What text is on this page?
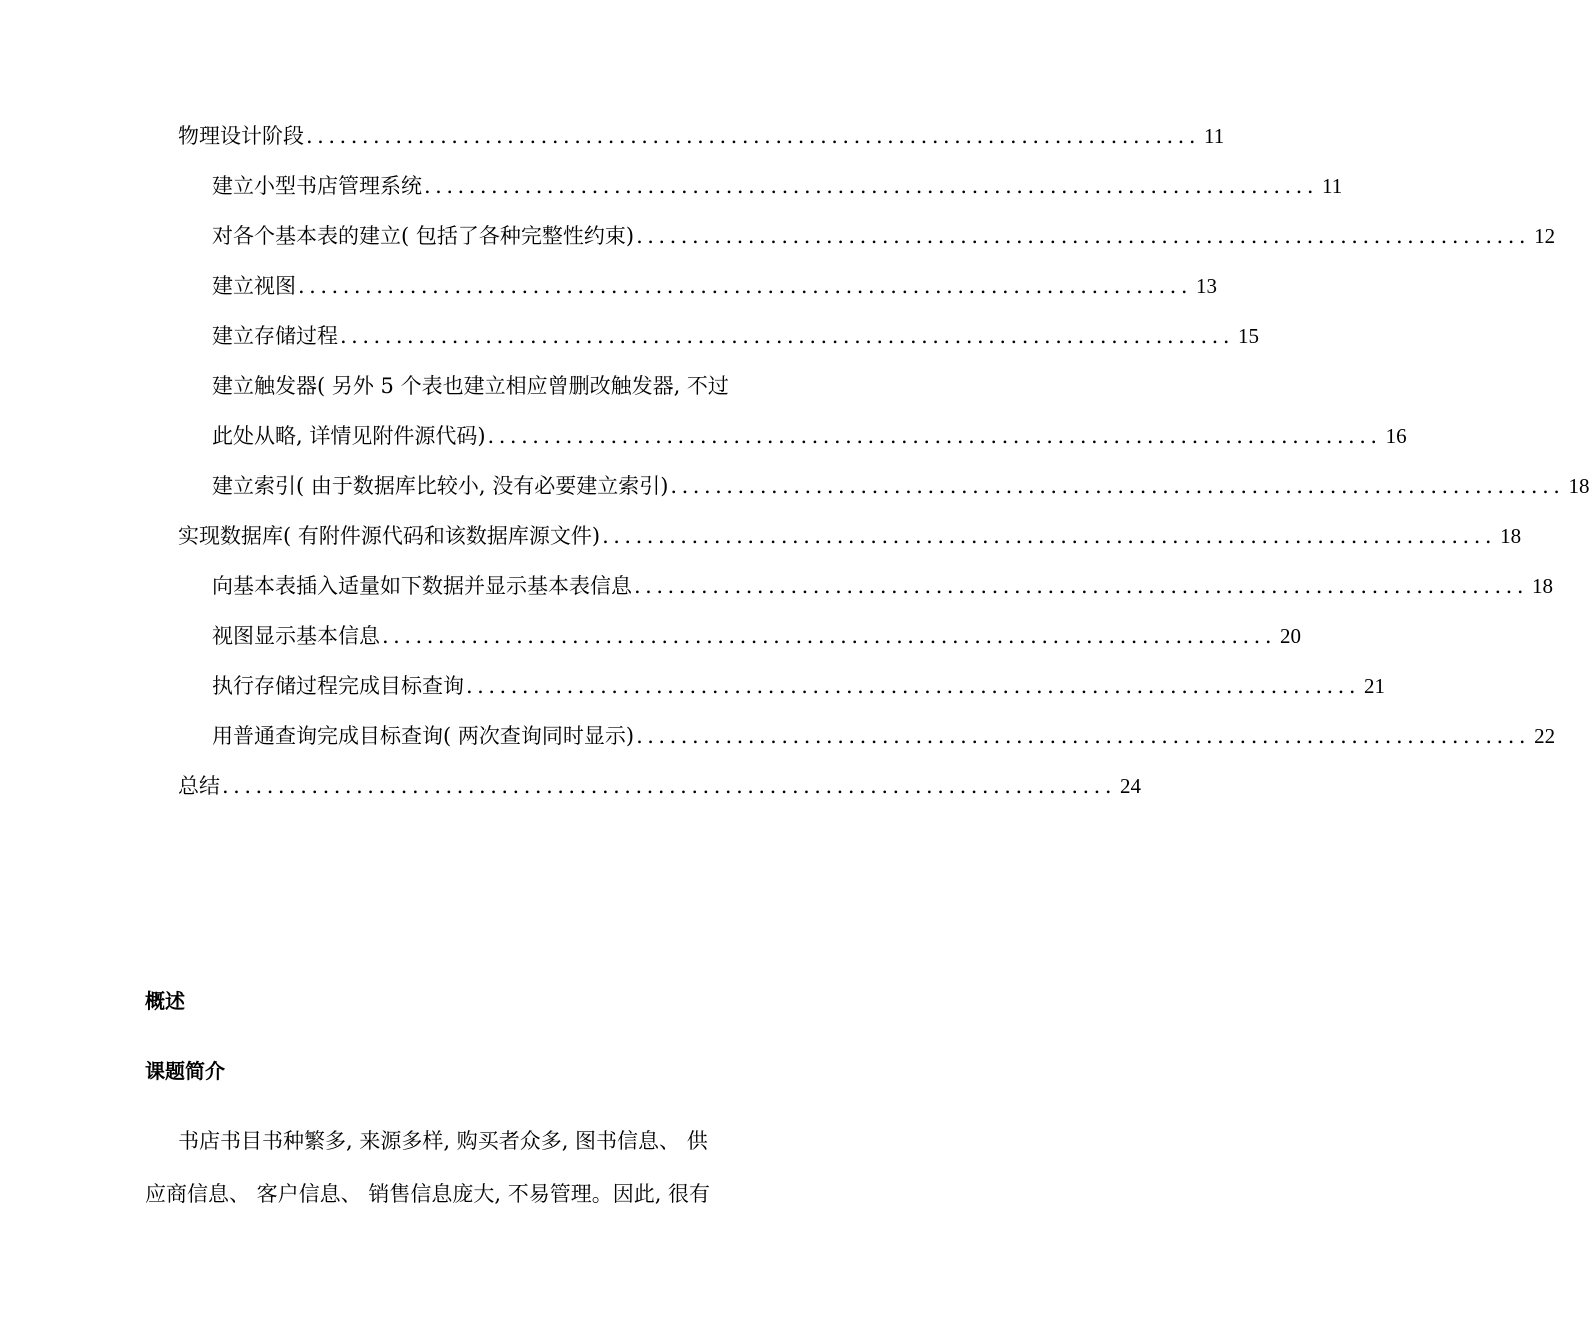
物理设计阶段 ................................................................................ 11
建立小型书店管理系统 ................................................................................ 11
对各个基本表的建立( 包括了各种完整性约束) ................................................................................ 12
建立视图 ................................................................................ 13
建立存储过程 ................................................................................ 15
建立触发器( 另外 5 个表也建立相应曾删改触发器, 不过
此处从略, 详情见附件源代码) ................................................................................ 16
建立索引( 由于数据库比较小, 没有必要建立索引) ................................................................................ 18
实现数据库( 有附件源代码和该数据库源文件) ................................................................................ 18
向基本表插入适量如下数据并显示基本表信息 ................................................................................ 18
视图显示基本信息 ................................................................................ 20
执行存储过程完成目标查询 ................................................................................ 21
用普通查询完成目标查询( 两次查询同时显示) ................................................................................ 22
总结 ................................................................................ 24
概述
课题简介
书店书目书种繁多, 来源多样, 购买者众多, 图书信息、 供
应商信息、 客户信息、 销售信息庞大, 不易管理。因此, 很有
